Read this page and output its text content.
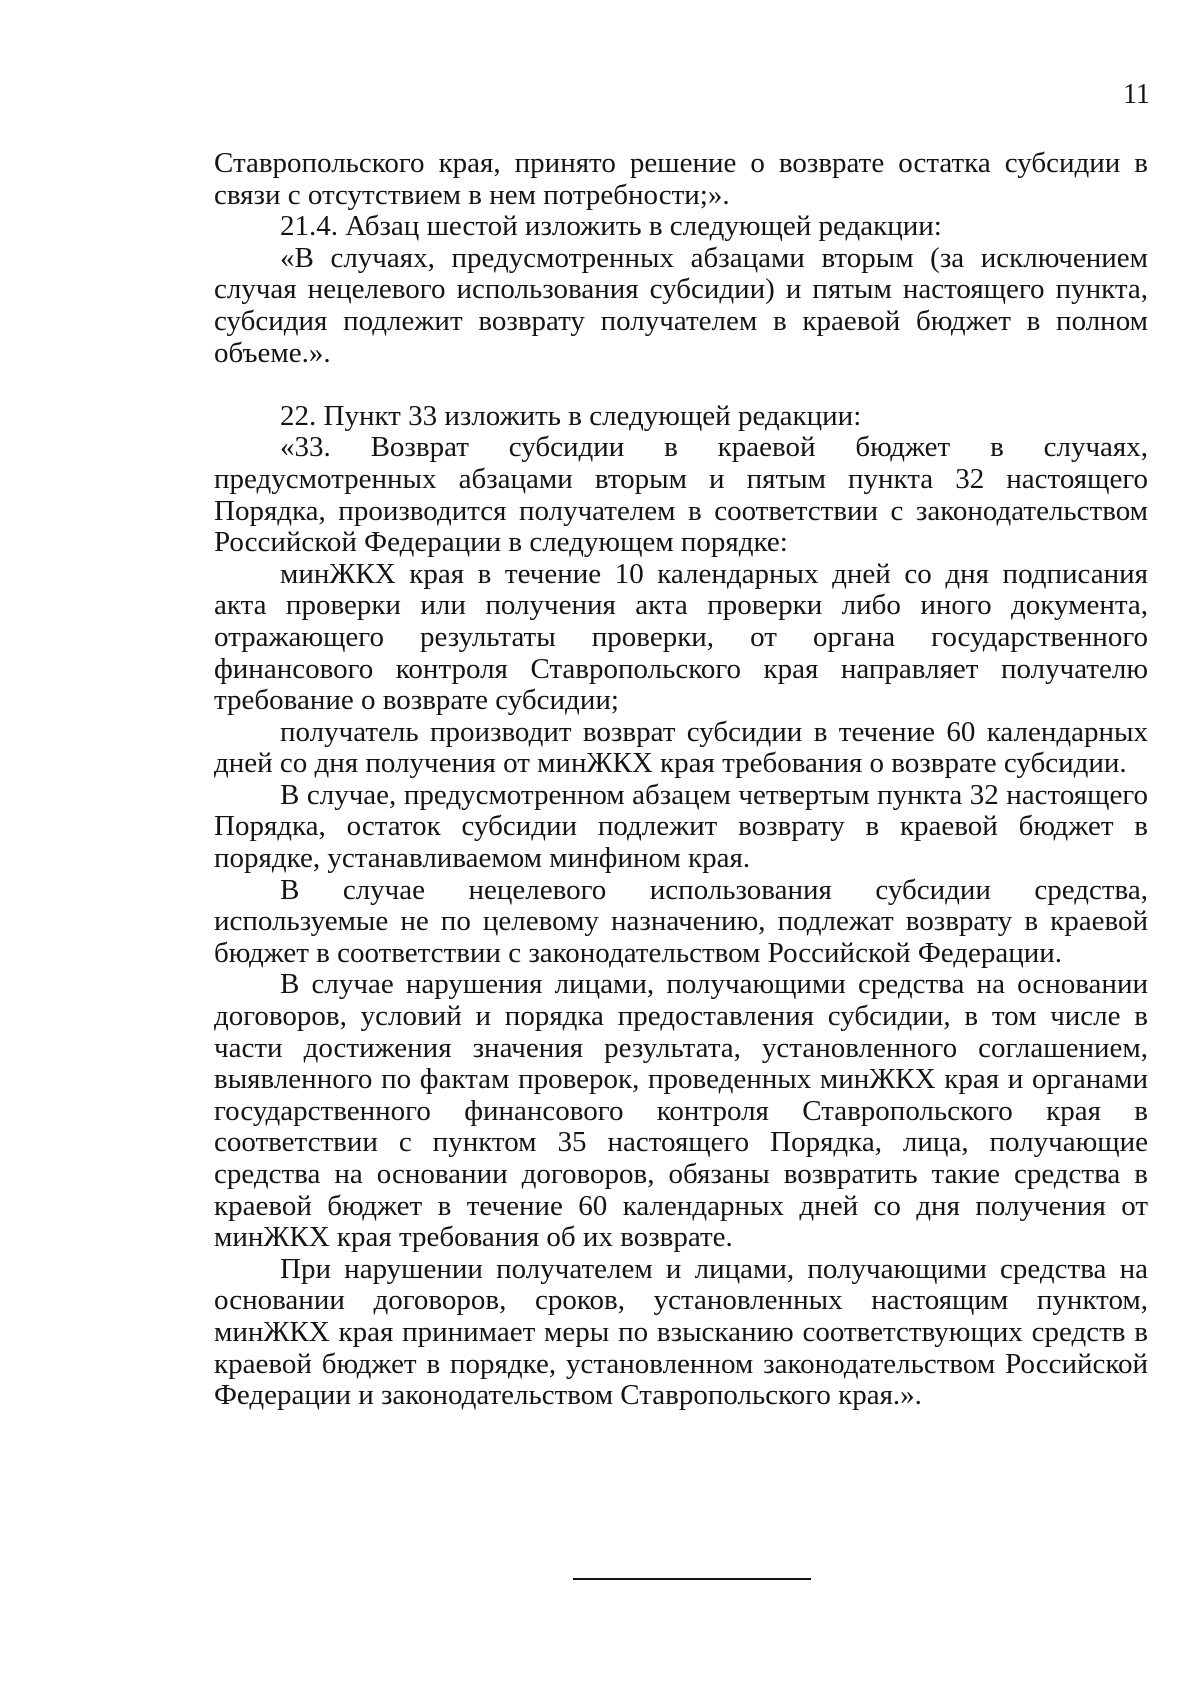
11

Ставропольского края, принято решение о возврате остатка субсидии в связи с отсутствием в нем потребности;».

21.4. Абзац шестой изложить в следующей редакции:

«В случаях, предусмотренных абзацами вторым (за исключением случая нецелевого использования субсидии) и пятым настоящего пункта, субсидия подлежит возврату получателем в краевой бюджет в полном объеме.».

22. Пункт 33 изложить в следующей редакции:

«33. Возврат субсидии в краевой бюджет в случаях, предусмотренных абзацами вторым и пятым пункта 32 настоящего Порядка, производится получателем в соответствии с законодательством Российской Федерации в следующем порядке:

минЖКХ края в течение 10 календарных дней со дня подписания акта проверки или получения акта проверки либо иного документа, отражающего результаты проверки, от органа государственного финансового контроля Ставропольского края направляет получателю требование о возврате субсидии;

получатель производит возврат субсидии в течение 60 календарных дней со дня получения от минЖКХ края требования о возврате субсидии.

В случае, предусмотренном абзацем четвертым пункта 32 настоящего Порядка, остаток субсидии подлежит возврату в краевой бюджет в порядке, устанавливаемом минфином края.

В случае нецелевого использования субсидии средства, используемые не по целевому назначению, подлежат возврату в краевой бюджет в соответствии с законодательством Российской Федерации.

В случае нарушения лицами, получающими средства на основании договоров, условий и порядка предоставления субсидии, в том числе в части достижения значения результата, установленного соглашением, выявленного по фактам проверок, проведенных минЖКХ края и органами государственного финансового контроля Ставропольского края в соответствии с пунктом 35 настоящего Порядка, лица, получающие средства на основании договоров, обязаны возвратить такие средства в краевой бюджет в течение 60 календарных дней со дня получения от минЖКХ края требования об их возврате.

При нарушении получателем и лицами, получающими средства на основании договоров, сроков, установленных настоящим пунктом, минЖКХ края принимает меры по взысканию соответствующих средств в краевой бюджет в порядке, установленном законодательством Российской Федерации и законодательством Ставропольского края.».
